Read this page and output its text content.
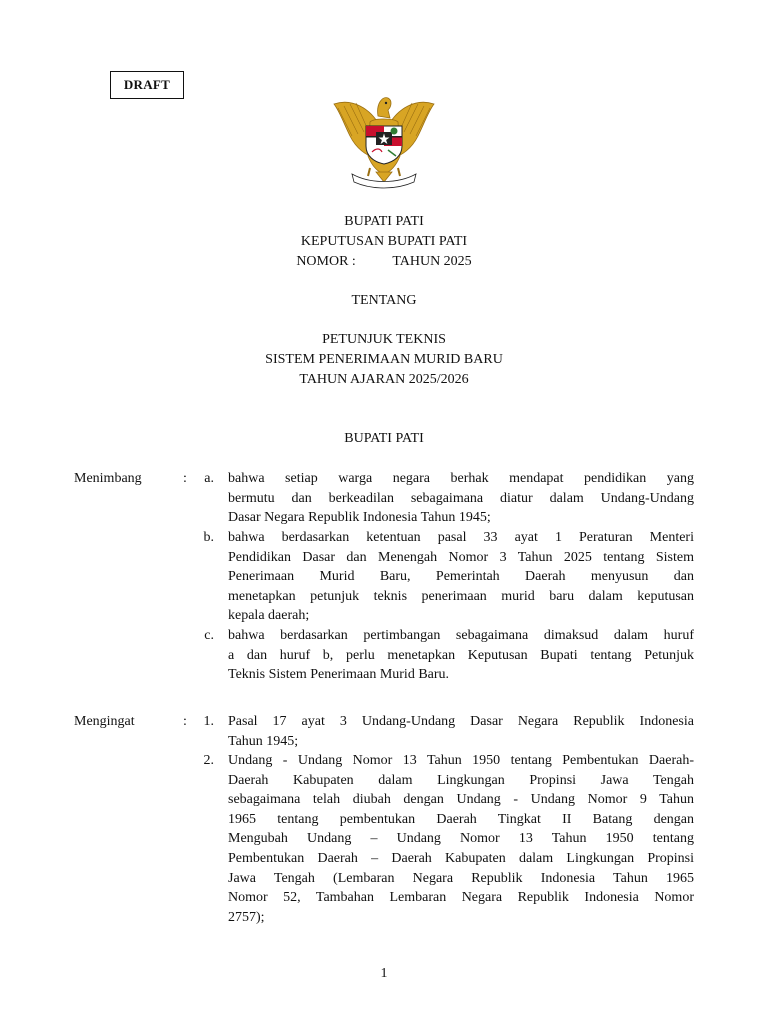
DRAFT
BUPATI PATI
KEPUTUSAN BUPATI PATI
NOMOR :	TAHUN 2025
TENTANG
PETUNJUK TEKNIS
SISTEM PENERIMAAN MURID BARU
TAHUN AJARAN 2025/2026
BUPATI PATI
Menimbang	:	a. bahwa setiap warga negara berhak mendapat pendidikan yang
bermutu dan berkeadilan sebagaimana diatur dalam Undang-Undang
Dasar Negara Republik Indonesia Tahun 1945;
b. bahwa berdasarkan ketentuan pasal 33 ayat 1 Peraturan Menteri
Pendidikan Dasar dan Menengah Nomor 3 Tahun 2025 tentang Sistem
Penerimaan Murid Baru, Pemerintah Daerah menyusun dan
menetapkan petunjuk teknis penerimaan murid baru dalam keputusan
kepala daerah;
c. bahwa berdasarkan pertimbangan sebagaimana dimaksud dalam huruf
a dan huruf b, perlu menetapkan Keputusan Bupati tentang Petunjuk
Teknis Sistem Penerimaan Murid Baru.
Mengingat	:	1. Pasal 17 ayat 3 Undang-Undang Dasar Negara Republik Indonesia
Tahun 1945;
2. Undang - Undang Nomor 13 Tahun 1950 tentang Pembentukan Daerah-
Daerah Kabupaten dalam Lingkungan Propinsi Jawa Tengah
sebagaimana telah diubah dengan Undang - Undang Nomor 9 Tahun
1965 tentang pembentukan Daerah Tingkat II Batang dengan
Mengubah Undang – Undang Nomor 13 Tahun 1950 tentang
Pembentukan Daerah – Daerah Kabupaten dalam Lingkungan Propinsi
Jawa Tengah (Lembaran Negara Republik Indonesia Tahun 1965
Nomor 52, Tambahan Lembaran Negara Republik Indonesia Nomor
2757);
1
